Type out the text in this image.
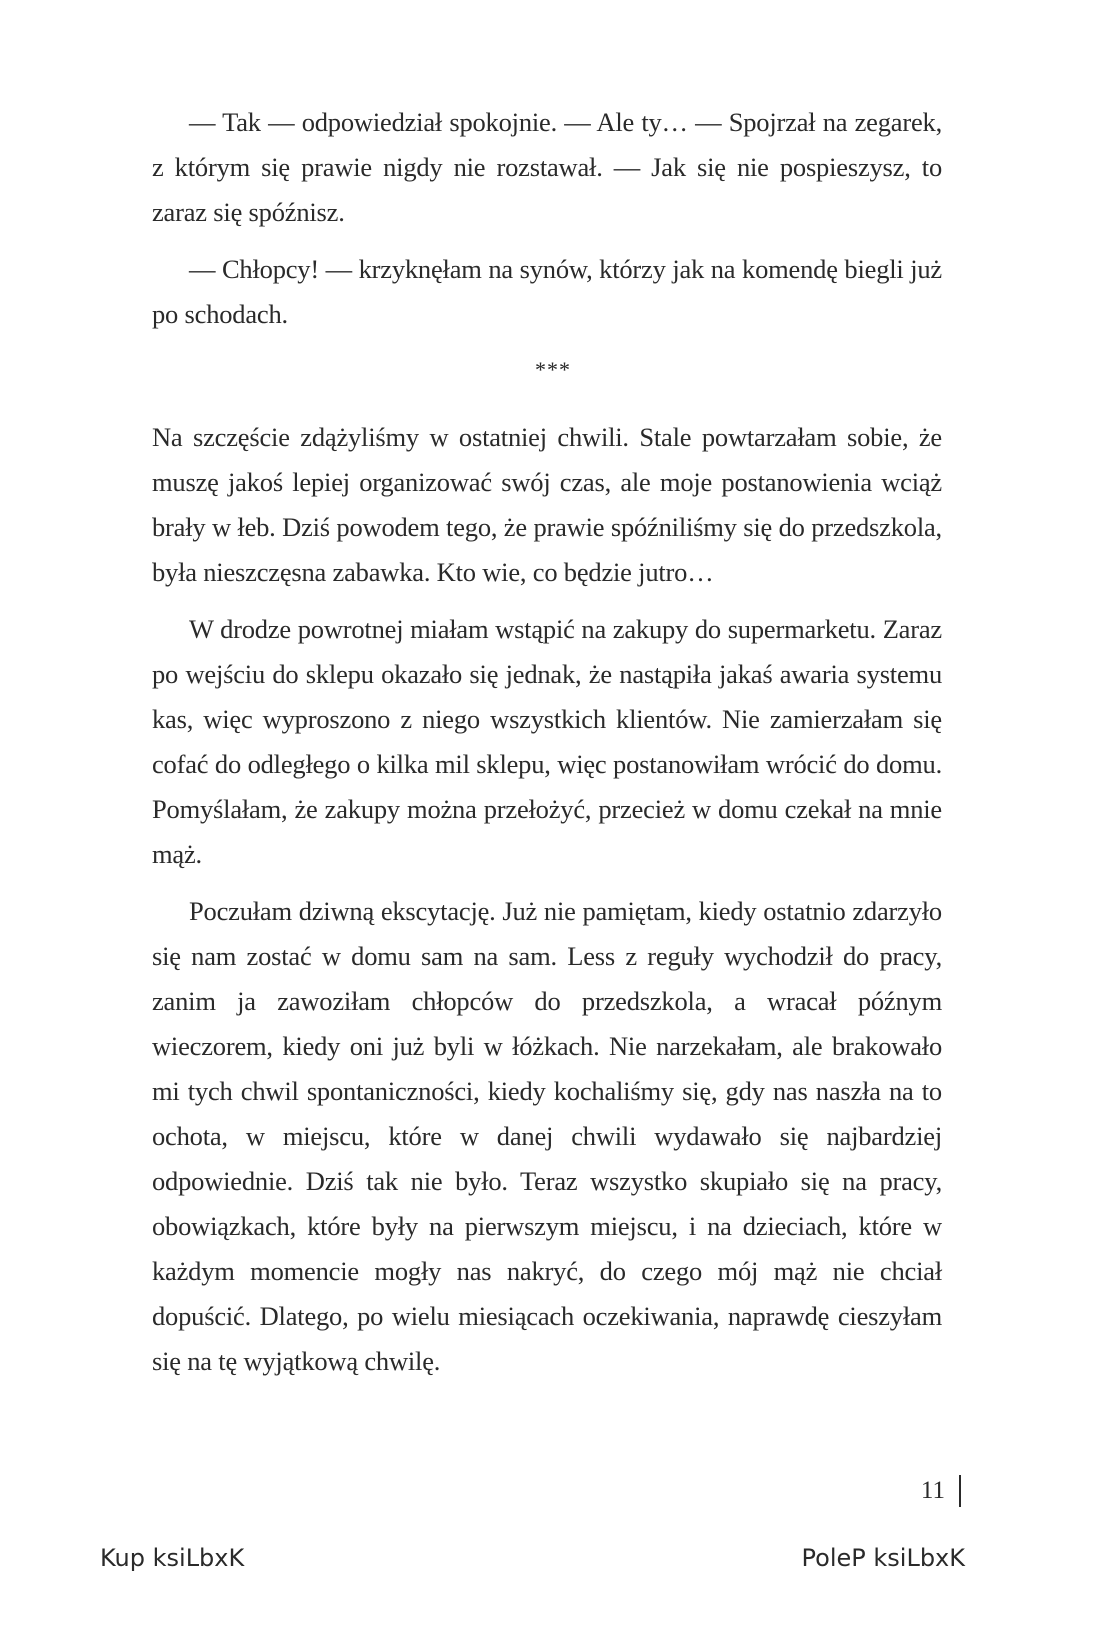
— Tak — odpowiedział spokojnie. — Ale ty… — Spojrzał na zegarek, z którym się prawie nigdy nie rozstawał. — Jak się nie pospieszysz, to zaraz się spóźnisz.

— Chłopcy! — krzyknęłam na synów, którzy jak na komendę biegli już po schodach.

***

Na szczęście zdążyliśmy w ostatniej chwili. Stale powtarzałam sobie, że muszę jakoś lepiej organizować swój czas, ale moje postanowienia wciąż brały w łeb. Dziś powodem tego, że prawie spóźniliśmy się do przedszkola, była nieszczęsna zabawka. Kto wie, co będzie jutro…

W drodze powrotnej miałam wstąpić na zakupy do supermarketu. Zaraz po wejściu do sklepu okazało się jednak, że nastąpiła jakaś awaria systemu kas, więc wyproszono z niego wszystkich klientów. Nie zamierzałam się cofać do odległego o kilka mil sklepu, więc postanowiłam wrócić do domu. Pomyślałam, że zakupy można przełożyć, przecież w domu czekał na mnie mąż.

Poczułam dziwną ekscytację. Już nie pamiętam, kiedy ostatnio zdarzyło się nam zostać w domu sam na sam. Less z reguły wychodził do pracy, zanim ja zawoziłam chłopców do przedszkola, a wracał późnym wieczorem, kiedy oni już byli w łóżkach. Nie narzekałam, ale brakowało mi tych chwil spontaniczności, kiedy kochaliśmy się, gdy nas naszła na to ochota, w miejscu, które w danej chwili wydawało się najbardziej odpowiednie. Dziś tak nie było. Teraz wszystko skupiało się na pracy, obowiązkach, które były na pierwszym miejscu, i na dzieciach, które w każdym momencie mogły nas nakryć, do czego mój mąż nie chciał dopuścić. Dlatego, po wielu miesiącach oczekiwania, naprawdę cieszyłam się na tę wyjątkową chwilę.

11
Kup ksiLbxK	PoleP ksiLbxK
